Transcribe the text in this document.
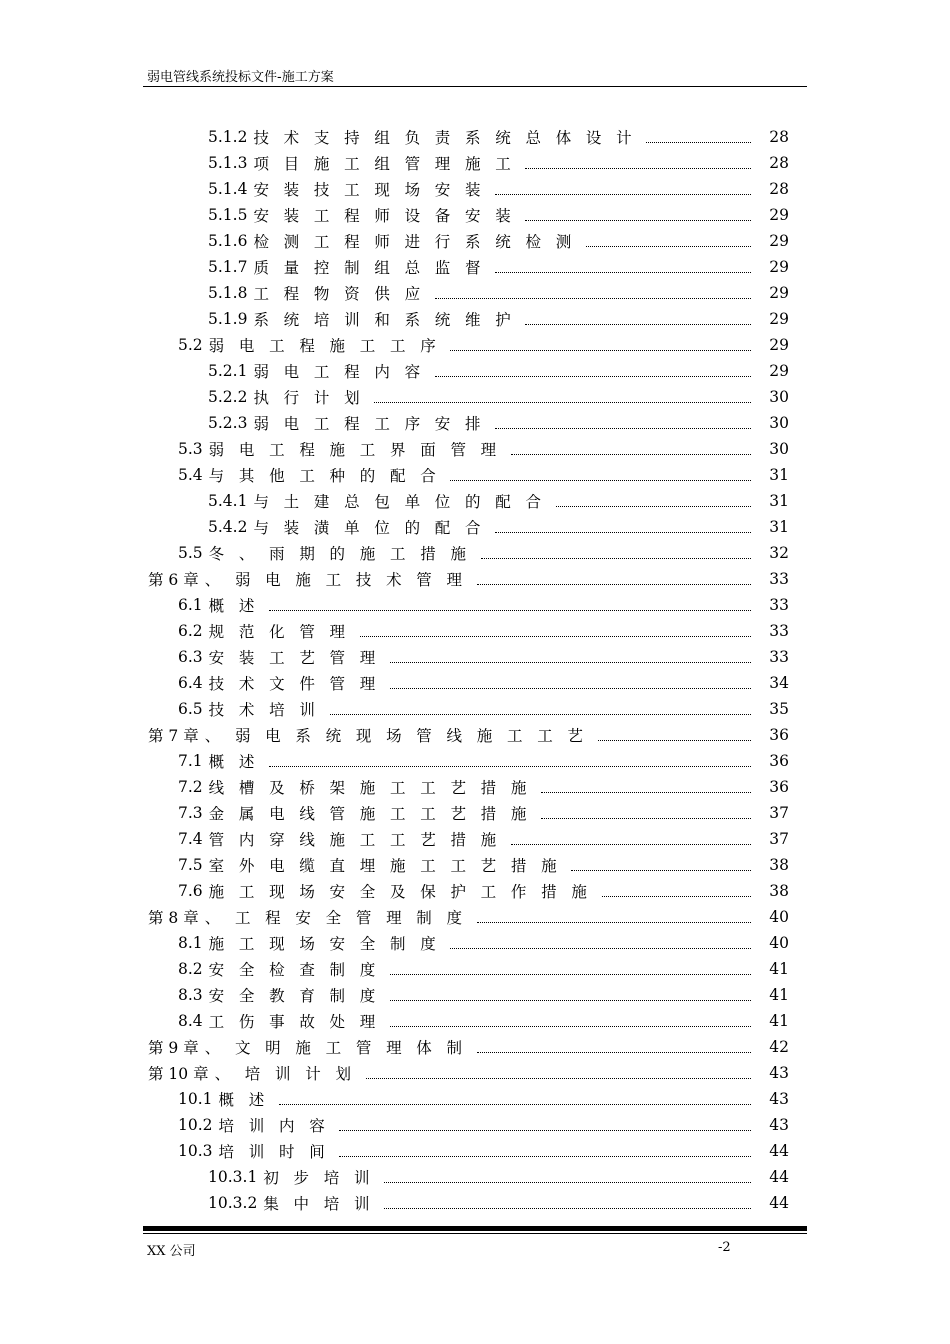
弱电管线系统投标文件-施工方案
5.1.2 技术支持组负责系统总体设计	28
5.1.3 项目施工组管理施工	28
5.1.4 安装技工现场安装	28
5.1.5 安装工程师设备安装	29
5.1.6 检测工程师进行系统检测	29
5.1.7 质量控制组总监督	29
5.1.8 工程物资供应	29
5.1.9 系统培训和系统维护	29
5.2 弱电工程施工工序	29
5.2.1 弱电工程内容	29
5.2.2 执行计划	30
5.2.3 弱电工程工序安排	30
5.3 弱电工程施工界面管理	30
5.4 与其他工种的配合	31
5.4.1 与土建总包单位的配合	31
5.4.2 与装潢单位的配合	31
5.5 冬、雨期的施工措施	32
第 6 章 、弱电施工技术管理	33
6.1 概述	33
6.2 规范化管理	33
6.3 安装工艺管理	33
6.4 技术文件管理	34
6.5 技术培训	35
第 7 章 、弱电系统现场管线施工工艺	36
7.1 概述	36
7.2 线槽及桥架施工工艺措施	36
7.3 金属电线管施工工艺措施	37
7.4 管内穿线施工工艺措施	37
7.5 室外电缆直埋施工工艺措施	38
7.6 施工现场安全及保护工作措施	38
第 8 章 、工程安全管理制度	40
8.1 施工现场安全制度	40
8.2 安全检查制度	41
8.3 安全教育制度	41
8.4 工伤事故处理	41
第 9 章 、文明施工管理体制	42
第 10 章 、培训计划	43
10.1 概述	43
10.2 培训内容	43
10.3 培训时间	44
10.3.1 初步培训	44
10.3.2 集中培训	44
XX 公司	-2
